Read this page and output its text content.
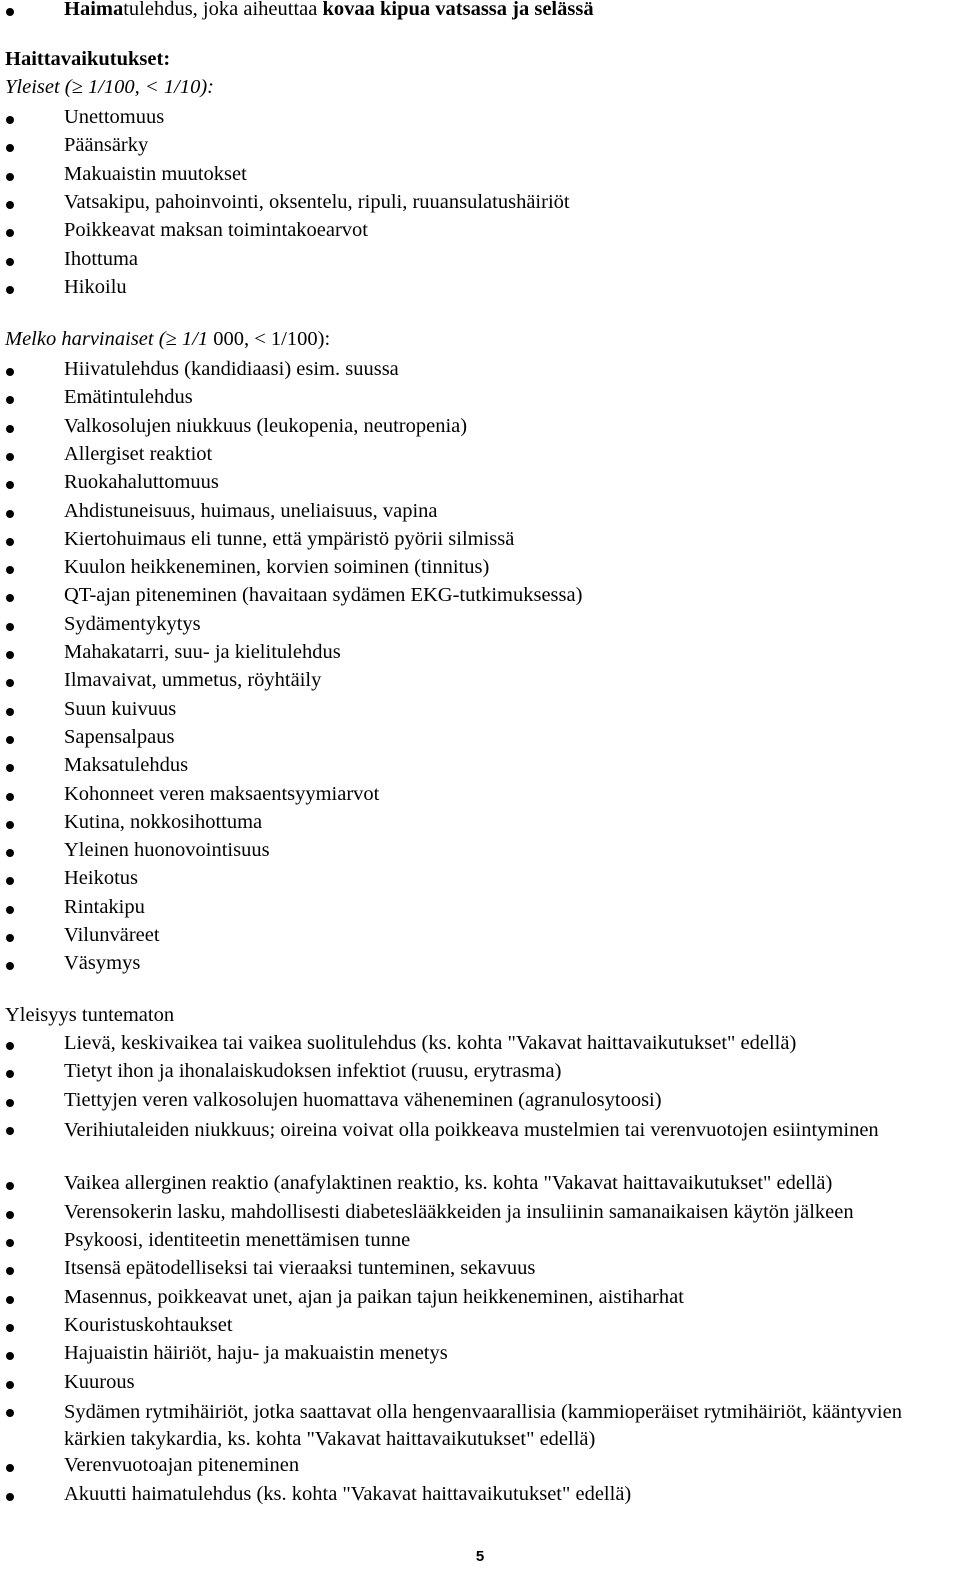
Haimatulehdus, joka aiheuttaa kovaa kipua vatsassa ja selässä
Haittavaikutukset:
Yleiset (≥ 1/100, < 1/10):
Unettomuus
Päänsärky
Makuaistin muutokset
Vatsakipu, pahoinvointi, oksentelu, ripuli, ruuansulatushäiriöt
Poikkeavat maksan toimintakoearvot
Ihottuma
Hikoilu
Melko harvinaiset (≥ 1/1 000, < 1/100):
Hiivatulehdus (kandidiaasi) esim. suussa
Emätintulehdus
Valkosolujen niukkuus (leukopenia, neutropenia)
Allergiset reaktiot
Ruokahaluttomuus
Ahdistuneisuus, huimaus, uneliaisuus, vapina
Kiertohuimaus eli tunne, että ympäristö pyörii silmissä
Kuulon heikkeneminen, korvien soiminen (tinnitus)
QT-ajan piteneminen (havaitaan sydämen EKG-tutkimuksessa)
Sydämentykytys
Mahakatarri, suu- ja kielitulehdus
Ilmavaivat, ummetus, röyhtäily
Suun kuivuus
Sapensalpaus
Maksatulehdus
Kohonneet veren maksaentsyymiarvot
Kutina, nokkosihottuma
Yleinen huonovointisuus
Heikotus
Rintakipu
Vilunväreet
Väsymys
Yleisyys tuntematon
Lievä, keskivaikea tai vaikea suolitulehdus (ks. kohta "Vakavat haittavaikutukset" edellä)
Tietyt ihon ja ihonalaiskudoksen infektiot (ruusu, erytrasma)
Tiettyjen veren valkosolujen huomattava väheneminen (agranulosytoosi)
Verihiutaleiden niukkuus; oireina voivat olla poikkeava mustelmien tai verenvuotojen esiintyminen
Vaikea allerginen reaktio (anafylaktinen reaktio, ks. kohta "Vakavat haittavaikutukset" edellä)
Verensokerin lasku, mahdollisesti diabeteslääkkeiden ja insuliinin samanaikaisen käytön jälkeen
Psykoosi, identiteetin menettämisen tunne
Itsensä epätodelliseksi tai vieraaksi tunteminen, sekavuus
Masennus, poikkeavat unet, ajan ja paikan tajun heikkeneminen, aistiharhat
Kouristuskohtaukset
Hajuaistin häiriöt, haju- ja makuaistin menetys
Kuurous
Sydämen rytmihäiriöt, jotka saattavat olla hengenvaarallisia (kammioperäiset rytmihäiriöt, kääntyvien kärkien takykardia, ks. kohta "Vakavat haittavaikutukset" edellä)
Verenvuotoajan piteneminen
Akuutti haimatulehdus (ks. kohta "Vakavat haittavaikutukset" edellä)
5
